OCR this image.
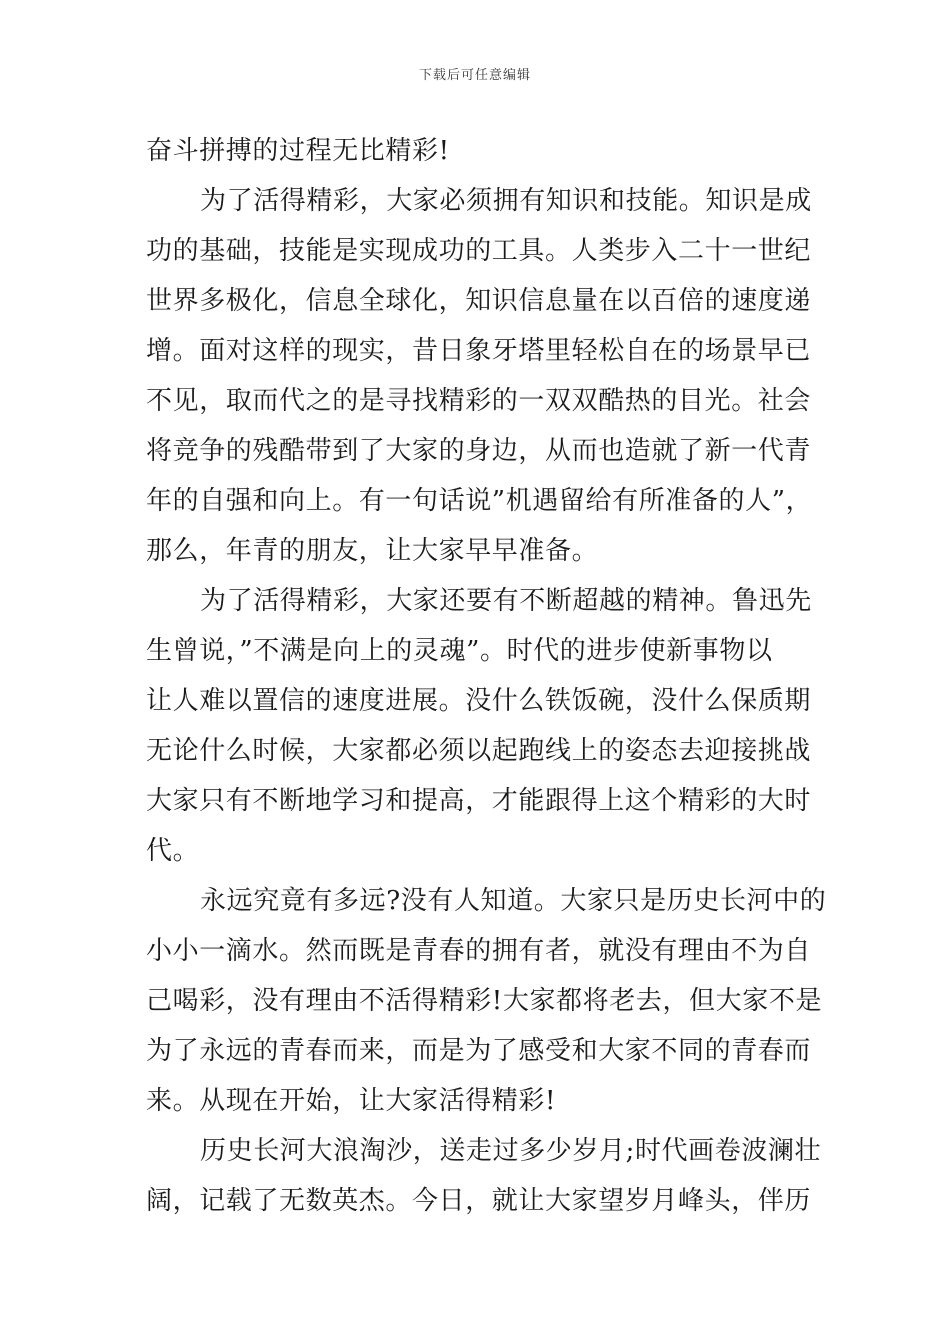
下载后可任意编辑
奋斗拼搏的过程无比精彩!
为了活得精彩，大家必须拥有知识和技能。知识是成
功的基础，技能是实现成功的工具。人类步入二十一世纪
世界多极化，信息全球化，知识信息量在以百倍的速度递
增。面对这样的现实，昔日象牙塔里轻松自在的场景早已
不见，取而代之的是寻找精彩的一双双酷热的目光。社会
将竞争的残酷带到了大家的身边，从而也造就了新一代青
年的自强和向上。有一句话说”机遇留给有所准备的人”，
那么，年青的朋友，让大家早早准备。
为了活得精彩，大家还要有不断超越的精神。鲁迅先
生曾说，”不满是向上的灵魂”。时代的进步使新事物以
让人难以置信的速度进展。没什么铁饭碗，没什么保质期
无论什么时候，大家都必须以起跑线上的姿态去迎接挑战
大家只有不断地学习和提高，才能跟得上这个精彩的大时
代。
永远究竟有多远?没有人知道。大家只是历史长河中的
小小一滴水。然而既是青春的拥有者，就没有理由不为自
己喝彩，没有理由不活得精彩!大家都将老去，但大家不是
为了永远的青春而来，而是为了感受和大家不同的青春而
来。从现在开始，让大家活得精彩!
历史长河大浪淘沙，送走过多少岁月;时代画卷波澜壮
阔，记载了无数英杰。今日，就让大家望岁月峰头，伴历
